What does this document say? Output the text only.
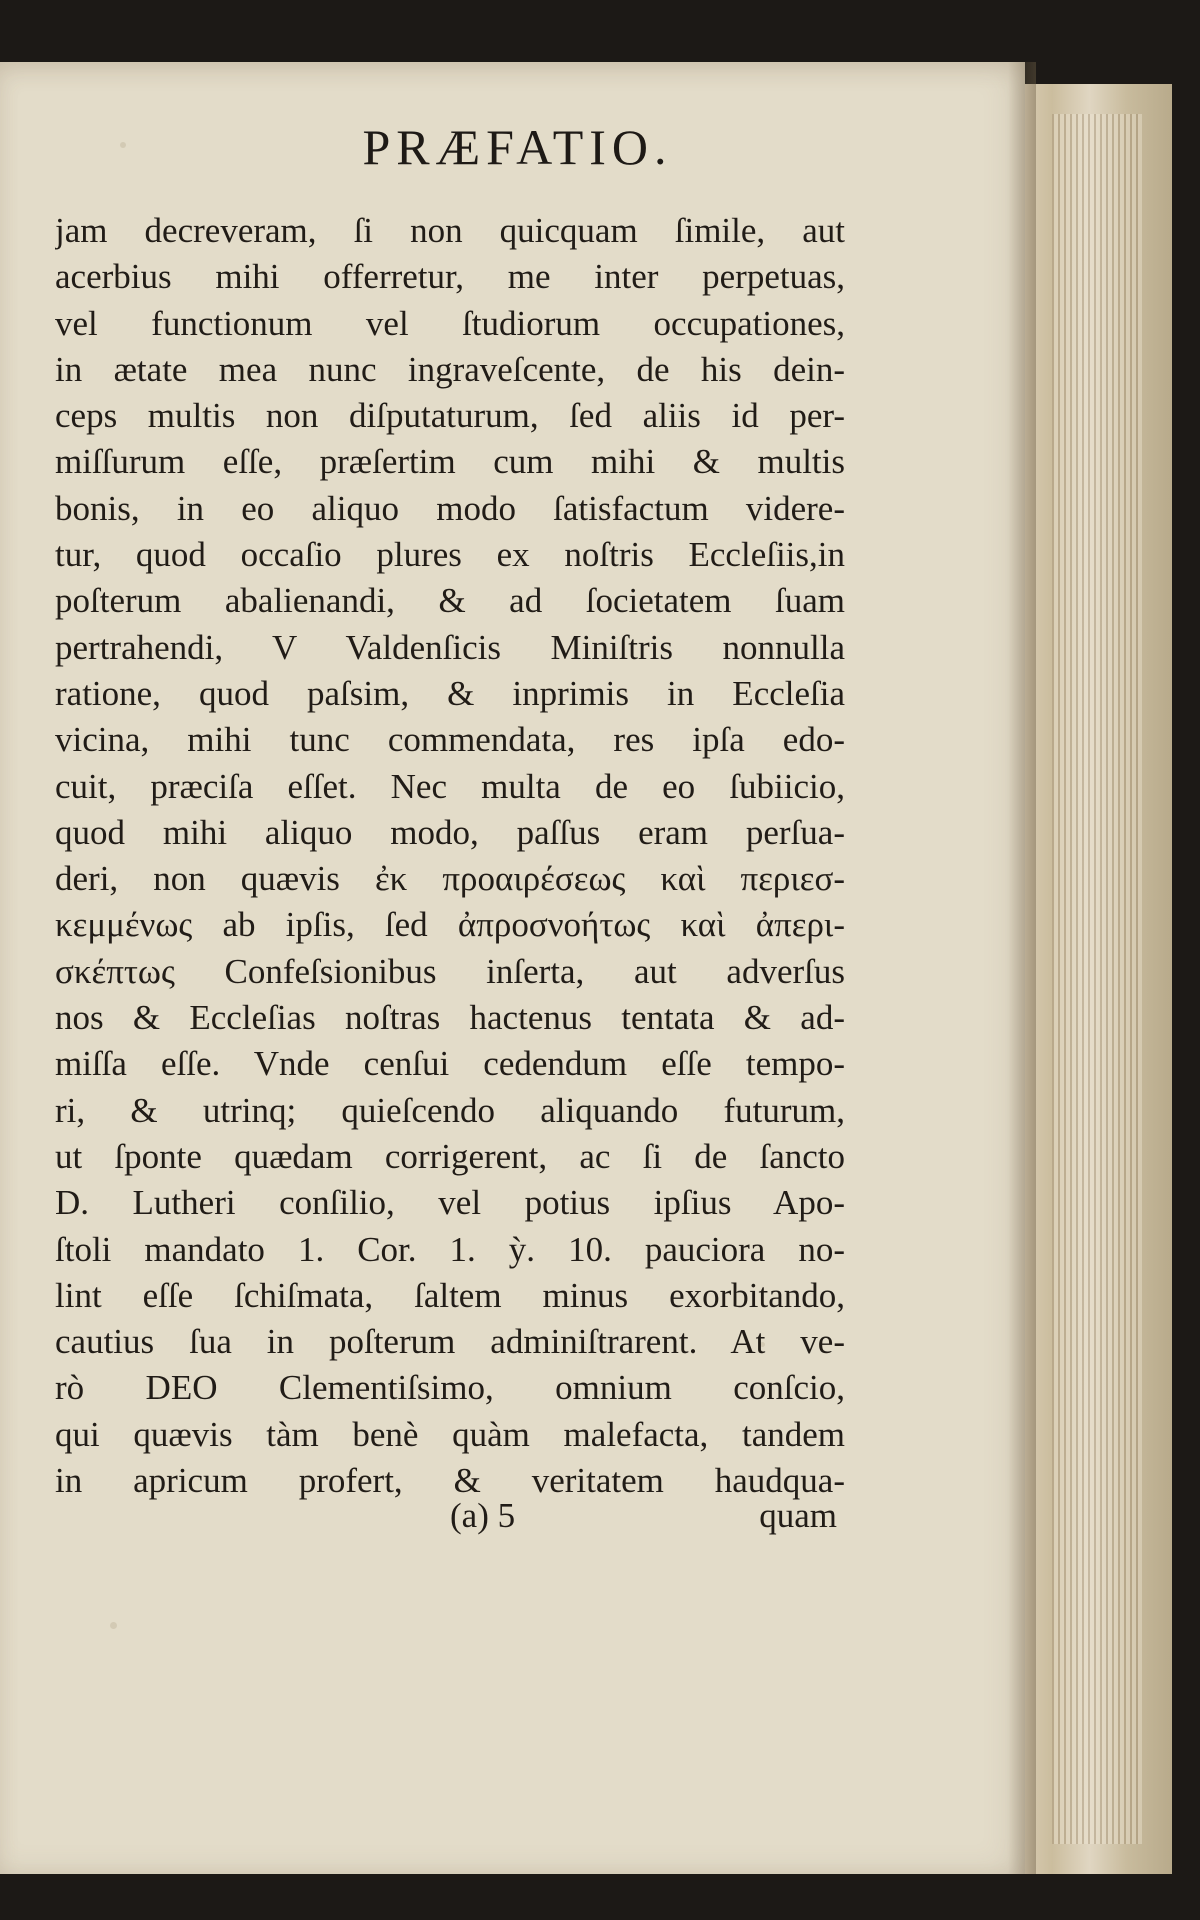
PRÆFATIO.
jam decreveram, ſi non quicquam ſimile, aut
acerbius mihi offerretur, me inter perpetuas,
vel functionum vel ſtudiorum occupationes,
in ætate mea nunc ingraveſcente, de his dein-
ceps multis non diſputaturum, ſed aliis id per-
miſſurum eſſe, præſertim cum mihi & multis
bonis, in eo aliquo modo ſatisfactum videre-
tur, quod occaſio plures ex noſtris Eccleſiis,in
poſterum abalienandi, & ad ſocietatem ſuam
pertrahendi, V Valdenſicis Miniſtris nonnulla
ratione, quod paſsim, & inprimis in Eccleſia
vicina, mihi tunc commendata, res ipſa edo-
cuit, præciſa eſſet. Nec multa de eo ſubiicio,
quod mihi aliquo modo, paſſus eram perſua-
deri, non quævis ἐκ προαιρέσεως καὶ περιεσ-
κεμμένως ab ipſis, ſed ἀπροσνοήτως καὶ ἀπερι-
σκέπτως Confeſsionibus inſerta, aut adverſus
nos & Eccleſias noſtras hactenus tentata & ad-
miſſa eſſe. Vnde cenſui cedendum eſſe tempo-
ri, & utrinq; quieſcendo aliquando futurum,
ut ſponte quædam corrigerent, ac ſi de ſancto
D. Lutheri conſilio, vel potius ipſius Apo-
ſtoli mandato 1. Cor. 1. ỳ. 10. pauciora no-
lint eſſe ſchiſmata, ſaltem minus exorbitando,
cautius ſua in poſterum adminiſtrarent. At ve-
rò DEO Clementiſsimo, omnium conſcio,
qui quævis tàm benè quàm malefacta, tandem
in apricum profert, & veritatem haudqua-
(a) 5	quam
